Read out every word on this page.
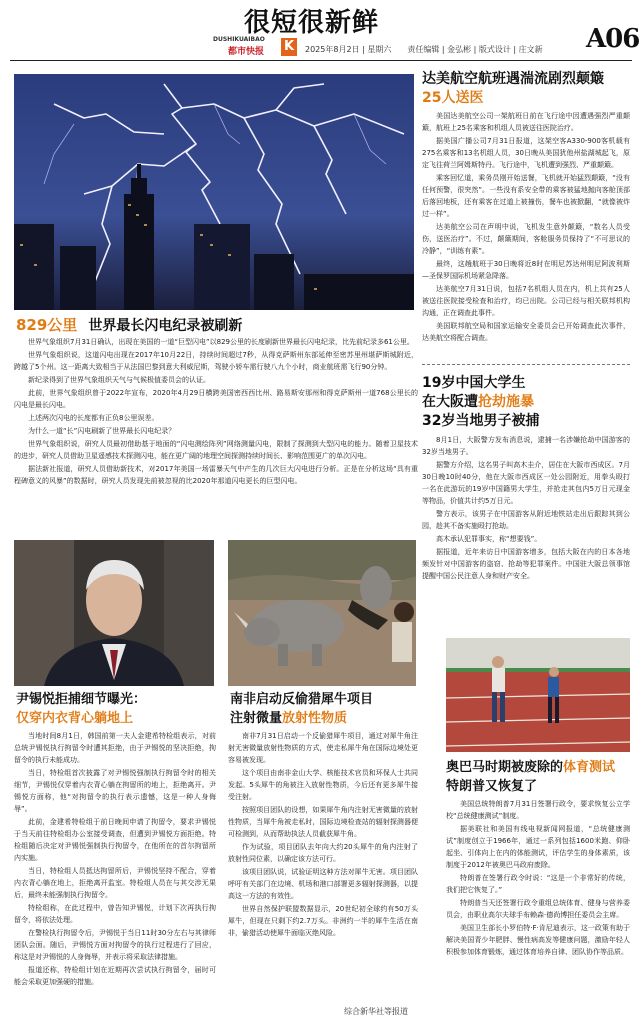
很短很新鲜
DUSHIKUAIBAO
都市快报 K	2025年8月2日 | 星期六　　责任编辑 | 金弘彬 | 版式设计 | 庄文新 A06
829公里 世界最长闪电纪录被刷新

世界气象组织7月31日确认，出现在美国的一道“巨型闪电”以829公里的长度刷新世界最长闪电纪录，比先前纪录多61公里。

世界气象组织说，这道闪电出现在2017年10月22日，持续时间超过7秒，从得克萨斯州东部延伸至密苏里州堪萨斯城附近，跨越了5个州。这一距离大致相当于从法国巴黎到意大利威尼斯，驾驶小轿车需行驶八九个小时，商业航班需飞行90分钟。

新纪录得到了世界气象组织天气与气候极值委员会的认证。

此前，世界气象组织曾于2022年宣布，2020年4月29日横跨美国密西西比州、路易斯安那州和得克萨斯州一道768公里长的闪电是最长闪电。

上述两次闪电的长度都有正负8公里误差。

为什么一道“长”闪电刷新了世界最长闪电纪录？

世界气象组织说，研究人员最初借助基于地面的“闪电测绘阵列”网络测量闪电，限制了探测到大型闪电的能力。随着卫星技术的进步，研究人员借助卫星遥感技术探测闪电，能在更广阔的地理空间探测持续时间长、影响范围更广的单次闪电。

据法新社报道，研究人员借助新技术，对2017年美国一场雷暴天气中产生的几次巨大闪电进行分析。正是在分析这场“具有重程碑意义的风暴”的数据时，研究人员发现先前被忽视的比2020年那道闪电更长的巨型闪电。

达美航空航班遇湍流剧烈颠簸
25人送医

美国达美航空公司一架航班日前在飞行途中因遭遇强烈严重颠簸，航班上25名乘客和机组人员被送往医院治疗。

据美国广播公司7月31日报道，这架空客A330-900客机载有275名乘客和13名机组人员，30日晚从美国犹他州盐湖城起飞，原定飞往荷兰阿姆斯特丹。飞行途中，飞机遭到强烈、严重颠簸。

乘客回忆道，乘务员刚开始送餐，飞机就开始猛烈颠簸，“没有任何预警，很突然”。一些没有系安全带的乘客被猛地抛向客舱顶部后落回地板，还有乘客在过道上被撞伤，餐车也被掀翻，“就像被炸过一样”。

达美航空公司在声明中说，飞机发生意外颠簸，“数名人员受伤，送医治疗”。不过，颠簸期间，客舱服务员保持了“不可思议的冷静”，“训练有素”。

最终，这趟航班于30日晚将近8时在明尼苏达州明尼阿波利斯—圣保罗国际机场紧急降落。

达美航空7月31日说，包括7名机组人员在内，机上共有25人被送往医院接受检查和治疗，均已出院。公司已经与相关联邦机构沟通，正在调查此事件。

美国联邦航空局和国家运输安全委员会已开始调查此次事件，达美航空将配合调查。

19岁中国大学生
在大阪遭抢劫施暴
32岁当地男子被捕

8月1日，大阪警方发布消息说，逮捕一名涉嫌抢劫中国游客的32岁当地男子。

据警方介绍，这名男子叫高木圭介，居住在大阪市西成区。7月30日晚10时40分，他在大阪市西成区一处公园附近，用拳头殴打一名在此游玩的19岁中国籍男大学生，并抢走其包内5万日元现金等物品，价值共计约5万日元。

警方表示，该男子在中国游客从附近地铁站走出后跟踪其到公园，趁其不备实施殴打抢劫。

高木承认犯罪事实，称“想要钱”。

据报道，近年来访日中国游客增多，包括大阪在内的日本各地频发针对中国游客的盗窃、抢劫等犯罪案件。中国驻大阪总领事馆提醒中国公民注意人身和财产安全。

尹锡悦拒捕细节曝光：
仅穿内衣背心躺地上

当地时间8月1日，韩国前第一夫人金建希特检组表示，对前总统尹锡悦执行拘留令时遭其拒绝，由于尹锡悦的坚决拒绝，拘留令的执行未能成功。

当日，特检组首次披露了对尹锡悦强制执行拘留令时的相关细节，尹锡悦仅穿着内衣背心躺在拘留所的地上，拒绝离开。尹锡悦方面称，他“对拘留令的执行表示遗憾，这是一种人身侮辱”。

此前，金建希特检组于前日晚间申请了拘留令，要求尹锡悦于当天前往特检组办公室接受调查，但遭到尹锡悦方面拒绝。特检组随后决定对尹锡悦强制执行拘留令，在他所在的首尔拘留所内实施。

当日，特检组人员抵达拘留所后，尹锡悦坚持不配合，穿着内衣背心躺在地上，拒绝离开监室。特检组人员在与其交涉无果后，最终未能强制执行拘留令。

特检组称，在此过程中，曾告知尹锡悦，计划下次再执行拘留令，将依法处理。

在警检执行拘留令后，尹锡悦于当日11时30分左右与其律师团队会面。随后，尹锡悦方面对拘留令的执行过程进行了回应，称这是对尹锡悦的人身侮辱，并表示将采取法律措施。

报道还称，特检组计划在近期再次尝试执行拘留令，届时可能会采取更加强硬的措施。

南非启动反偷猎犀牛项目
注射微量放射性物质

南非7月31日启动一个反偷猎犀牛项目，通过对犀牛角注射无害微量放射性物质的方式，使走私犀牛角在国际边境处更容易被发现。

这个项目由南非金山大学、核能技术官员和环保人士共同发起。5头犀牛的角被注入放射性物质，今后还有更多犀牛接受注射。

按照项目团队的设想，如果犀牛角内注射无害微量的放射性物质，当犀牛角被走私时，国际边境检查站的辐射探测器便可检测到，从而帮助执法人员截获犀牛角。

作为试验，项目团队去年向大约20头犀牛的角内注射了放射性同位素，以确定该方法可行。

该项目团队说，试验证明这种方法对犀牛无害。项目团队呼吁有关部门在边境、机场和港口部署更多辐射探测器，以提高这一方法的有效性。

世界自然保护联盟数据显示，20世纪初全球约有50万头犀牛，但现在只剩下约2.7万头。非洲约一半的犀牛生活在南非，偷猎活动使犀牛面临灭绝风险。

奥巴马时期被废除的体育测试
特朗普又恢复了

美国总统特朗普7月31日签署行政令，要求恢复公立学校“总统健康测试”制度。

据美联社和美国有线电视新闻网报道，“总统健康测试”制度创立于1966年，通过一系列包括1600米跑、仰卧起坐、引体向上在内的体能测试，评估学生的身体素质，该制度于2012年被奥巴马政府废除。

特朗普在签署行政令时说：“这是一个非常好的传统，我们把它恢复了。”

特朗普当天还签署行政令重组总统体育、健身与营养委员会，由职业高尔夫球手布赖森·德尚博担任委员会主席。

美国卫生部长小罗伯特·F·肯尼迪表示，这一政策有助于解决美国青少年肥胖、慢性病高发等健康问题，激励年轻人积极参加体育锻炼，通过体育培养自律、团队协作等品质。

综合新华社等报道
